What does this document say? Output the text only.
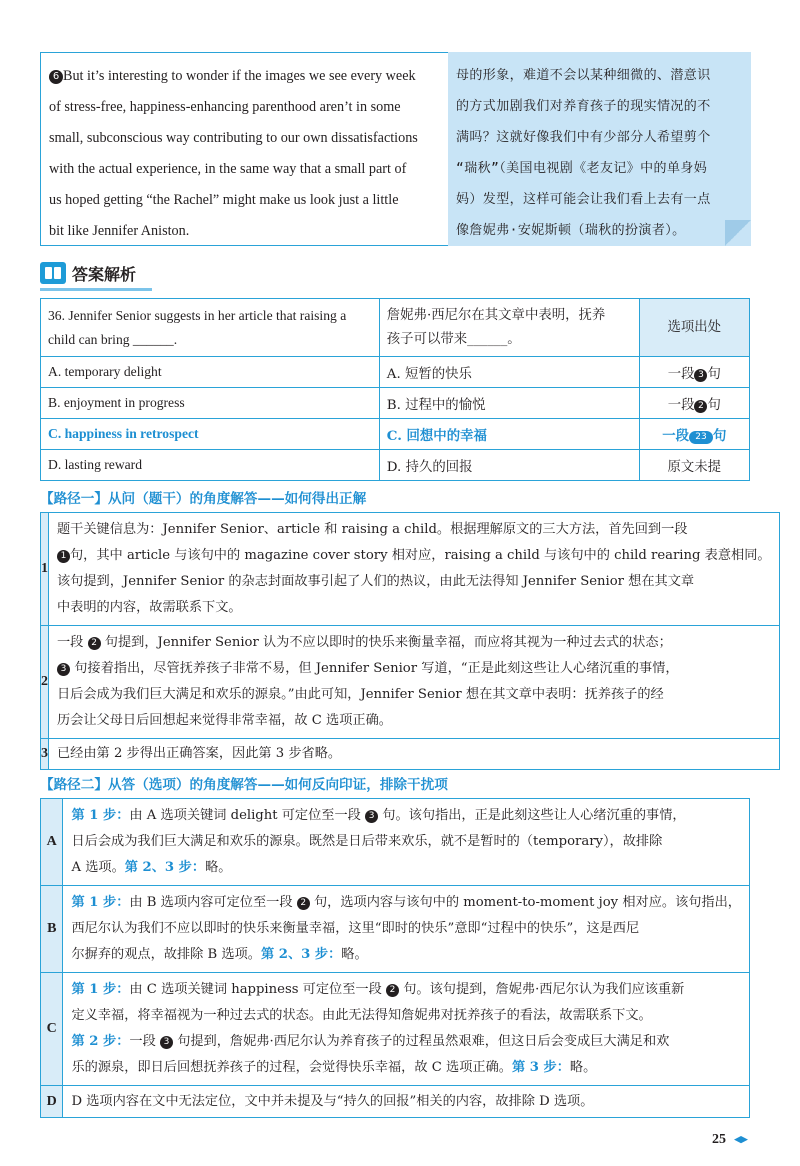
6 But it’s interesting to wonder if the images we see every week
of stress-free, happiness-enhancing parenthood aren’t in some
small, subconscious way contributing to our own dissatisfactions
with the actual experience, in the same way that a small part of
us hoped getting “the Rachel” might make us look just a little
bit like Jennifer Aniston.
母的形象，难道不会以某种细微的、潜意识
的方式加剧我们对养育孩子的现实情况的不
满吗？这就好像我们中有少部分人希望剪个
“瑞秋”（美国电视剧《老友记》中的单身妈
妈）发型，这样可能会让我们看上去有一点
像詹妮弗·安妮斯顿（瑞秋的扮演者）。
答案解析
36. Jennifer Senior suggests in her article that raising a
child can bring ______.	詹妮弗·西尼尔在其文章中表明，抚养
孩子可以带来______。	选项出处
A. temporary delight	A. 短暂的快乐	一段 3 句
B. enjoyment in progress	B. 过程中的愉悦	一段 2 句
C. happiness in retrospect	C. 回想中的幸福	一段 23 句
D. lasting reward	D. 持久的回报	原文未提
【路径一】从问（题干）的角度解答——如何得出正解
1	题干关键信息为：Jennifer Senior、article 和 raising a child。根据理解原文的三大方法，首先回到一段
1 句，其中 article 与该句中的 magazine cover story 相对应，raising a child 与该句中的 child rearing 表意相同。
该句提到，Jennifer Senior 的杂志封面故事引起了人们的热议，由此无法得知 Jennifer Senior 想在其文章
中表明的内容，故需联系下文。

2	一段 2 句提到，Jennifer Senior 认为不应以即时的快乐来衡量幸福，而应将其视为一种过去式的状态；
3 句接着指出，尽管抚养孩子非常不易，但 Jennifer Senior 写道，“正是此刻这些让人心绪沉重的事情，
日后会成为我们巨大满足和欢乐的源泉。”由此可知，Jennifer Senior 想在其文章中表明：抚养孩子的经
历会让父母日后回想起来觉得非常幸福，故 C 选项正确。

3	已经由第 2 步得出正确答案，因此第 3 步省略。
【路径二】从答（选项）的角度解答——如何反向印证，排除干扰项
A	第 1 步：由 A 选项关键词 delight 可定位至一段 3 句。该句指出，正是此刻这些让人心绪沉重的事情，
日后会成为我们巨大满足和欢乐的源泉。既然是日后带来欢乐，就不是暂时的（temporary），故排除
A 选项。第 2、3 步：略。

B	第 1 步：由 B 选项内容可定位至一段 2 句，选项内容与该句中的 moment-to-moment joy 相对应。该句指出，
西尼尔认为我们不应以即时的快乐来衡量幸福，这里“即时的快乐”意即“过程中的快乐”，这是西尼
尔摒弃的观点，故排除 B 选项。第 2、3 步：略。

C	第 1 步：由 C 选项关键词 happiness 可定位至一段 2 句。该句提到，詹妮弗·西尼尔认为我们应该重新
定义幸福，将幸福视为一种过去式的状态。由此无法得知詹妮弗对抚养孩子的看法，故需联系下文。
第 2 步：一段 3 句提到，詹妮弗·西尼尔认为养育孩子的过程虽然艰难，但这日后会变成巨大满足和欢
乐的源泉，即日后回想抚养孩子的过程，会觉得快乐幸福，故 C 选项正确。第 3 步：略。

D	D 选项内容在文中无法定位，文中并未提及与“持久的回报”相关的内容，故排除 D 选项。
25
